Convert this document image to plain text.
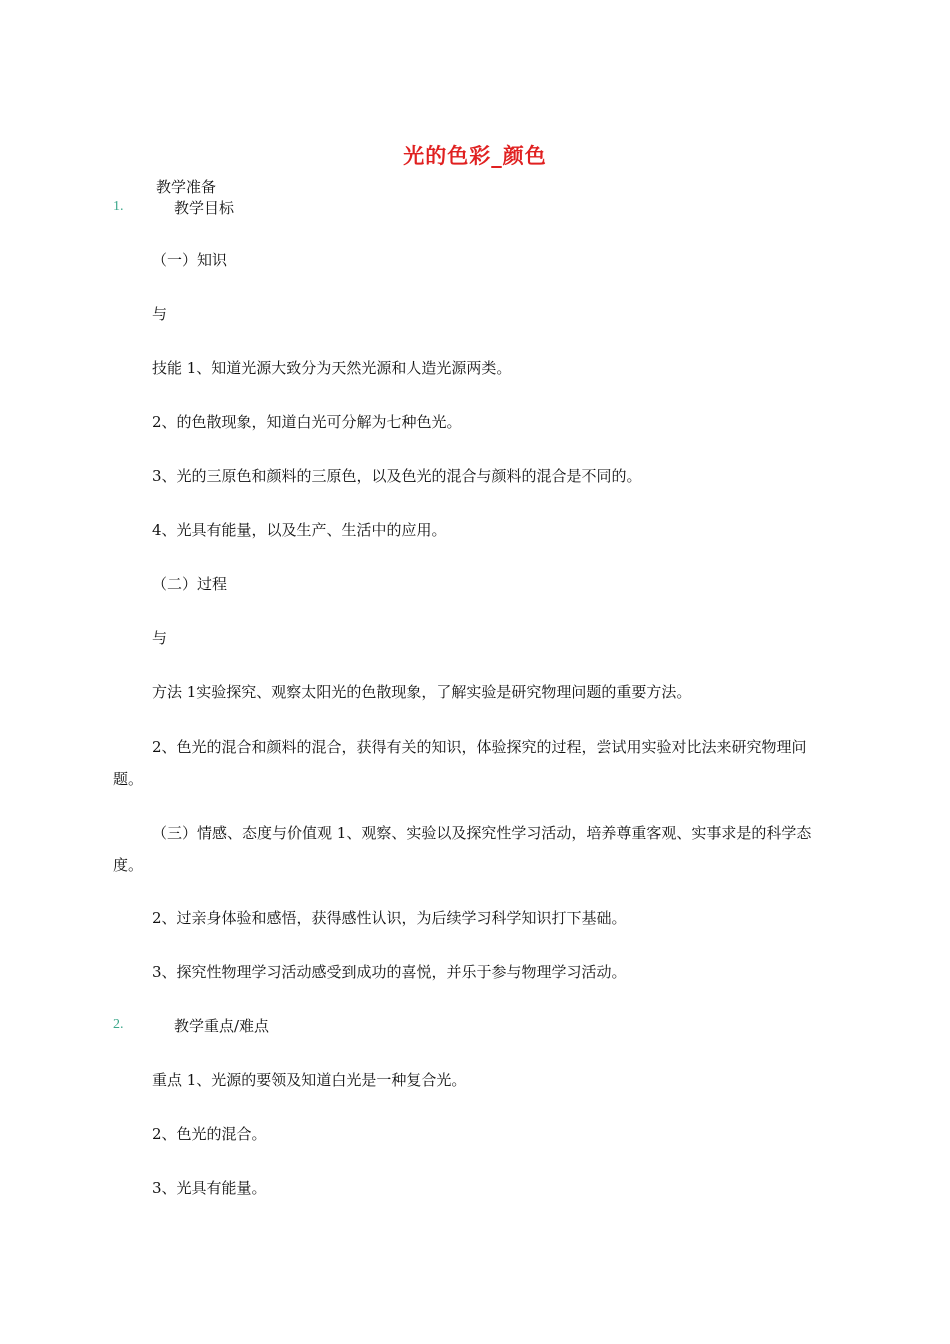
光的色彩_颜色
教学准备
1.	教学目标
（一）知识
与
技能 1、知道光源大致分为天然光源和人造光源两类。
2、的色散现象，知道白光可分解为七种色光。
3、光的三原色和颜料的三原色，以及色光的混合与颜料的混合是不同的。
4、光具有能量，以及生产、生活中的应用。
（二）过程
与
方法 1实验探究、观察太阳光的色散现象，了解实验是研究物理问题的重要方法。
2、色光的混合和颜料的混合，获得有关的知识，体验探究的过程，尝试用实验对比法来研究物理问题。
（三）情感、态度与价值观 1、观察、实验以及探究性学习活动，培养尊重客观、实事求是的科学态度。
2、过亲身体验和感悟，获得感性认识，为后续学习科学知识打下基础。
3、探究性物理学习活动感受到成功的喜悦，并乐于参与物理学习活动。
2.	教学重点/难点
重点 1、光源的要领及知道白光是一种复合光。
2、色光的混合。
3、光具有能量。
